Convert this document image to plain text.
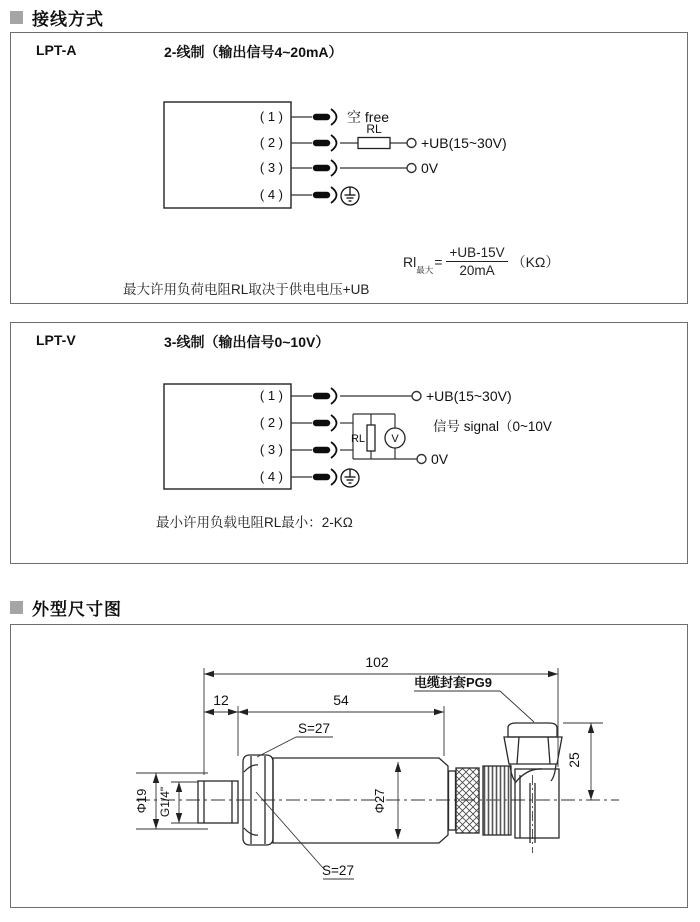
接线方式
LPT-A	2-线制（输出信号4~20mA）
( 1 )
( 2 )
( 3 )
( 4 )
RL
空 free
+UB(15~30V)
0V
最大许用负荷电阻RL取决于供电电压+UB
Rl
$_{最大}$
= $\frac{+UB-15V}{20mA} (K\Omega)$
LPT-V	3-线制（输出信号0~10V）
( 1 )
( 2 )
( 3 )
( 4 )
RL V
+UB(15~30V)
信号 signal（0~10V
0V
最小许用负载电阻RL最小：2-KΩ
外型尺寸图
102
12	54
25
Φ19 G1/4"	Φ27
电缆封套PG9
S=27
S=27
